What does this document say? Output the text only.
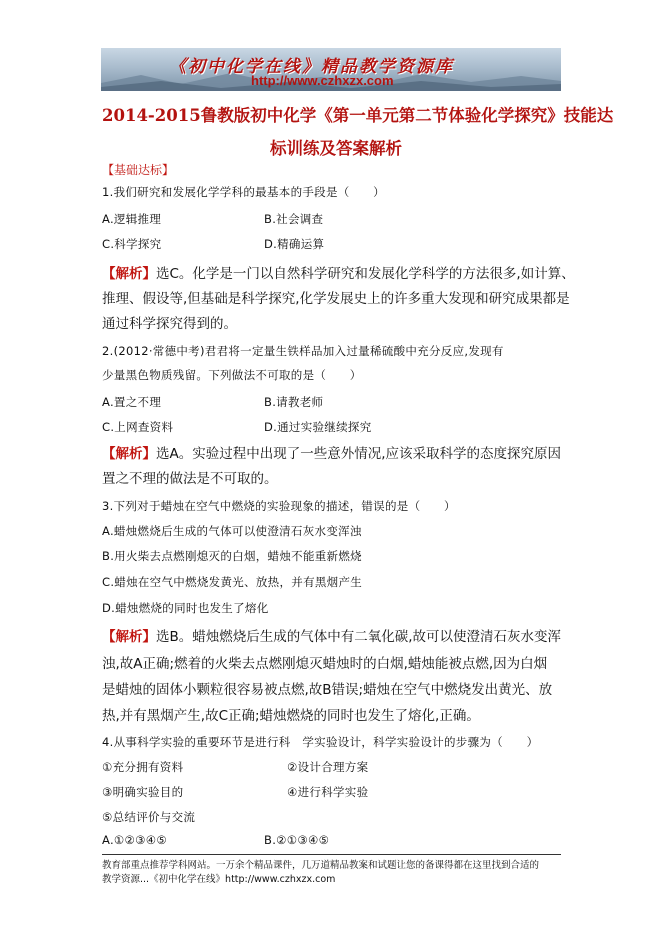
《初中化学在线》精品教学资源库
http://www.czhxzx.com
2014-2015鲁教版初中化学《第一单元第二节体验化学探究》技能达
标训练及答案解析
【基础达标】
1.我们研究和发展化学学科的最基本的手段是（　　）
A.逻辑推理	B.社会调查
C.科学探究	D.精确运算
【解析】选C。化学是一门以自然科学研究和发展化学科学的方法很多,如计算、
推理、假设等,但基础是科学探究,化学发展史上的许多重大发现和研究成果都是
通过科学探究得到的。
2.(2012·常德中考)君君将一定量生铁样品加入过量稀硫酸中充分反应,发现有
少量黑色物质残留。下列做法不可取的是（　　）
A.置之不理	B.请教老师
C.上网查资料	D.通过实验继续探究
【解析】选A。实验过程中出现了一些意外情况,应该采取科学的态度探究原因
置之不理的做法是不可取的。
3.下列对于蜡烛在空气中燃烧的实验现象的描述，错误的是（　　）
A.蜡烛燃烧后生成的气体可以使澄清石灰水变浑浊
B.用火柴去点燃刚熄灭的白烟，蜡烛不能重新燃烧
C.蜡烛在空气中燃烧发黄光、放热，并有黑烟产生
D.蜡烛燃烧的同时也发生了熔化
【解析】选B。蜡烛燃烧后生成的气体中有二氧化碳,故可以使澄清石灰水变浑
浊,故A正确;燃着的火柴去点燃刚熄灭蜡烛时的白烟,蜡烛能被点燃,因为白烟
是蜡烛的固体小颗粒很容易被点燃,故B错误;蜡烛在空气中燃烧发出黄光、放
热,并有黑烟产生,故C正确;蜡烛燃烧的同时也发生了熔化,正确。
4.从事科学实验的重要环节是进行科　学实验设计，科学实验设计的步骤为（　　）
①充分拥有资料	②设计合理方案
③明确实验目的	④进行科学实验
⑤总结评价与交流
A.①②③④⑤	B.②①③④⑤
教育部重点推荐学科网站。一万余个精品课件，几万道精品教案和试题让您的备课得都在这里找到合适的
教学资源...《初中化学在线》http://www.czhxzx.com
